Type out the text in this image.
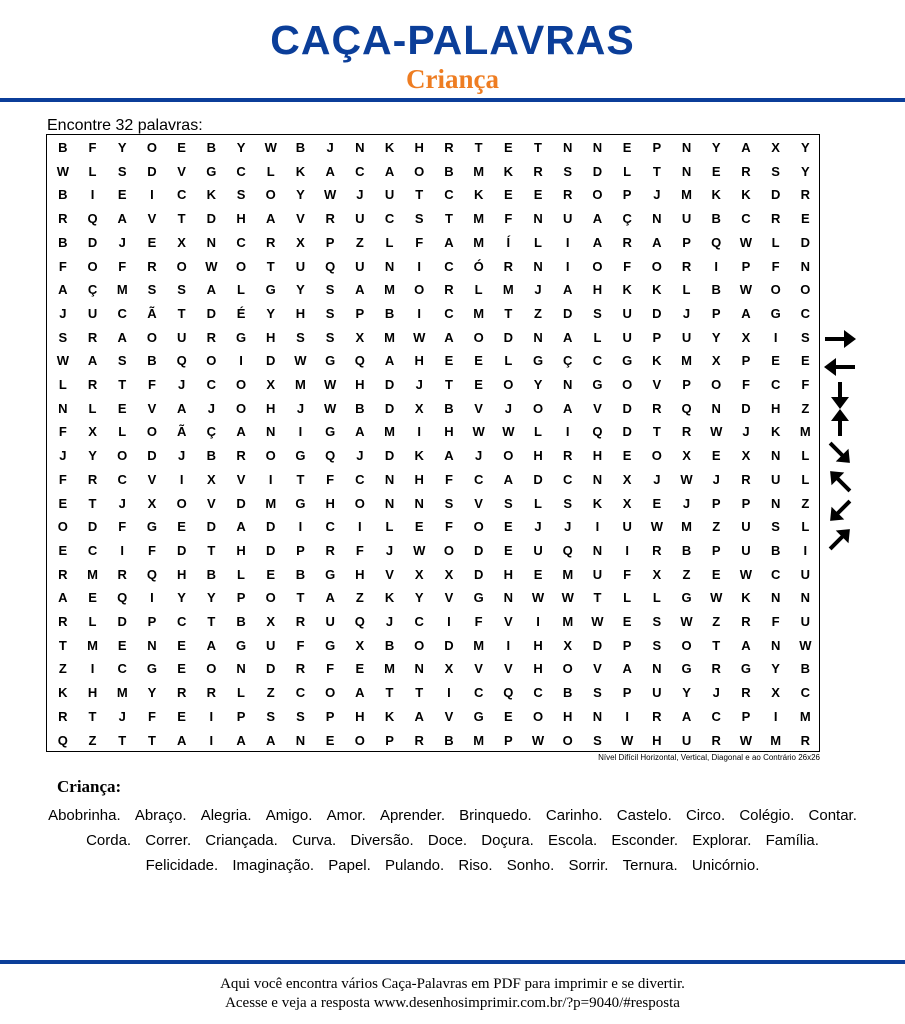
CAÇA-PALAVRAS
Criança
Encontre 32 palavras:
B	F	Y	O	E	B	Y	W	B	J	N	K	H	R	T	E	T	N	N	E	P	N	Y	A	X	Y
W	L	S	D	V	G	C	L	K	A	C	A	O	B	M	K	R	S	D	L	T	N	E	R	S	Y
B	I	E	I	C	K	S	O	Y	W	J	U	T	C	K	E	E	R	O	P	J	M	K	K	D	R
R	Q	A	V	T	D	H	A	V	R	U	C	S	T	M	F	N	U	A	Ç	N	U	B	C	R	E
B	D	J	E	X	N	C	R	X	P	Z	L	F	A	M	Í	L	I	A	R	A	P	Q	W	L	D
F	O	F	R	O	W	O	T	U	Q	U	N	I	C	Ó	R	N	I	O	F	O	R	I	P	F	N
A	Ç	M	S	S	A	L	G	Y	S	A	M	O	R	L	M	J	A	H	K	K	L	B	W	O	O
J	U	C	Ã	T	D	É	Y	H	S	P	B	I	C	M	T	Z	D	S	U	D	J	P	A	G	C
S	R	A	O	U	R	G	H	S	S	X	M	W	A	O	D	N	A	L	U	P	U	Y	X	I	S
W	A	S	B	Q	O	I	D	W	G	Q	A	H	E	E	L	G	Ç	C	G	K	M	X	P	E	E
L	R	T	F	J	C	O	X	M	W	H	D	J	T	E	O	Y	N	G	O	V	P	O	F	C	F
N	L	E	V	A	J	O	H	J	W	B	D	X	B	V	J	O	A	V	D	R	Q	N	D	H	Z
F	X	L	O	Ã	Ç	A	N	I	G	A	M	I	H	W	W	L	I	Q	D	T	R	W	J	K	M
J	Y	O	D	J	B	R	O	G	Q	J	D	K	A	J	O	H	R	H	E	O	X	E	X	N	L
F	R	C	V	I	X	V	I	T	F	C	N	H	F	C	A	D	C	N	X	J	W	J	R	U	L
E	T	J	X	O	V	D	M	G	H	O	N	N	S	V	S	L	S	K	X	E	J	P	P	N	Z
O	D	F	G	E	D	A	D	I	C	I	L	E	F	O	E	J	J	I	U	W	M	Z	U	S	L
E	C	I	F	D	T	H	D	P	R	F	J	W	O	D	E	U	Q	N	I	R	B	P	U	B	I
R	M	R	Q	H	B	L	E	B	G	H	V	X	X	D	H	E	M	U	F	X	Z	E	W	C	U
A	E	Q	I	Y	Y	P	O	T	A	Z	K	Y	V	G	N	W	W	T	L	L	G	W	K	N	N
R	L	D	P	C	T	B	X	R	U	Q	J	C	I	F	V	I	M	W	E	S	W	Z	R	F	U
T	M	E	N	E	A	G	U	F	G	X	B	O	D	M	I	H	X	D	P	S	O	T	A	N	W
Z	I	C	G	E	O	N	D	R	F	E	M	N	X	V	V	H	O	V	A	N	G	R	G	Y	B
K	H	M	Y	R	R	L	Z	C	O	A	T	T	I	C	Q	C	B	S	P	U	Y	J	R	X	C
R	T	J	F	E	I	P	S	S	P	H	K	A	V	G	E	O	H	N	I	R	A	C	P	I	M
Q	Z	T	T	A	I	A	A	N	E	O	P	R	B	M	P	W	O	S	W	H	U	R	W	M	R
Nível Difícil Horizontal, Vertical, Diagonal e ao Contrário 26x26
Criança:
Abobrinha. Abraço. Alegria. Amigo. Amor. Aprender. Brinquedo. Carinho. Castelo. Circo. Colégio. Contar. Corda. Correr. Criançada. Curva. Diversão. Doce. Doçura. Escola. Esconder. Explorar. Família. Felicidade. Imaginação. Papel. Pulando. Riso. Sonho. Sorrir. Ternura. Unicórnio.
Aqui você encontra vários Caça-Palavras em PDF para imprimir e se divertir.
Acesse e veja a resposta www.desenhosimprimir.com.br/?p=9040/#resposta
